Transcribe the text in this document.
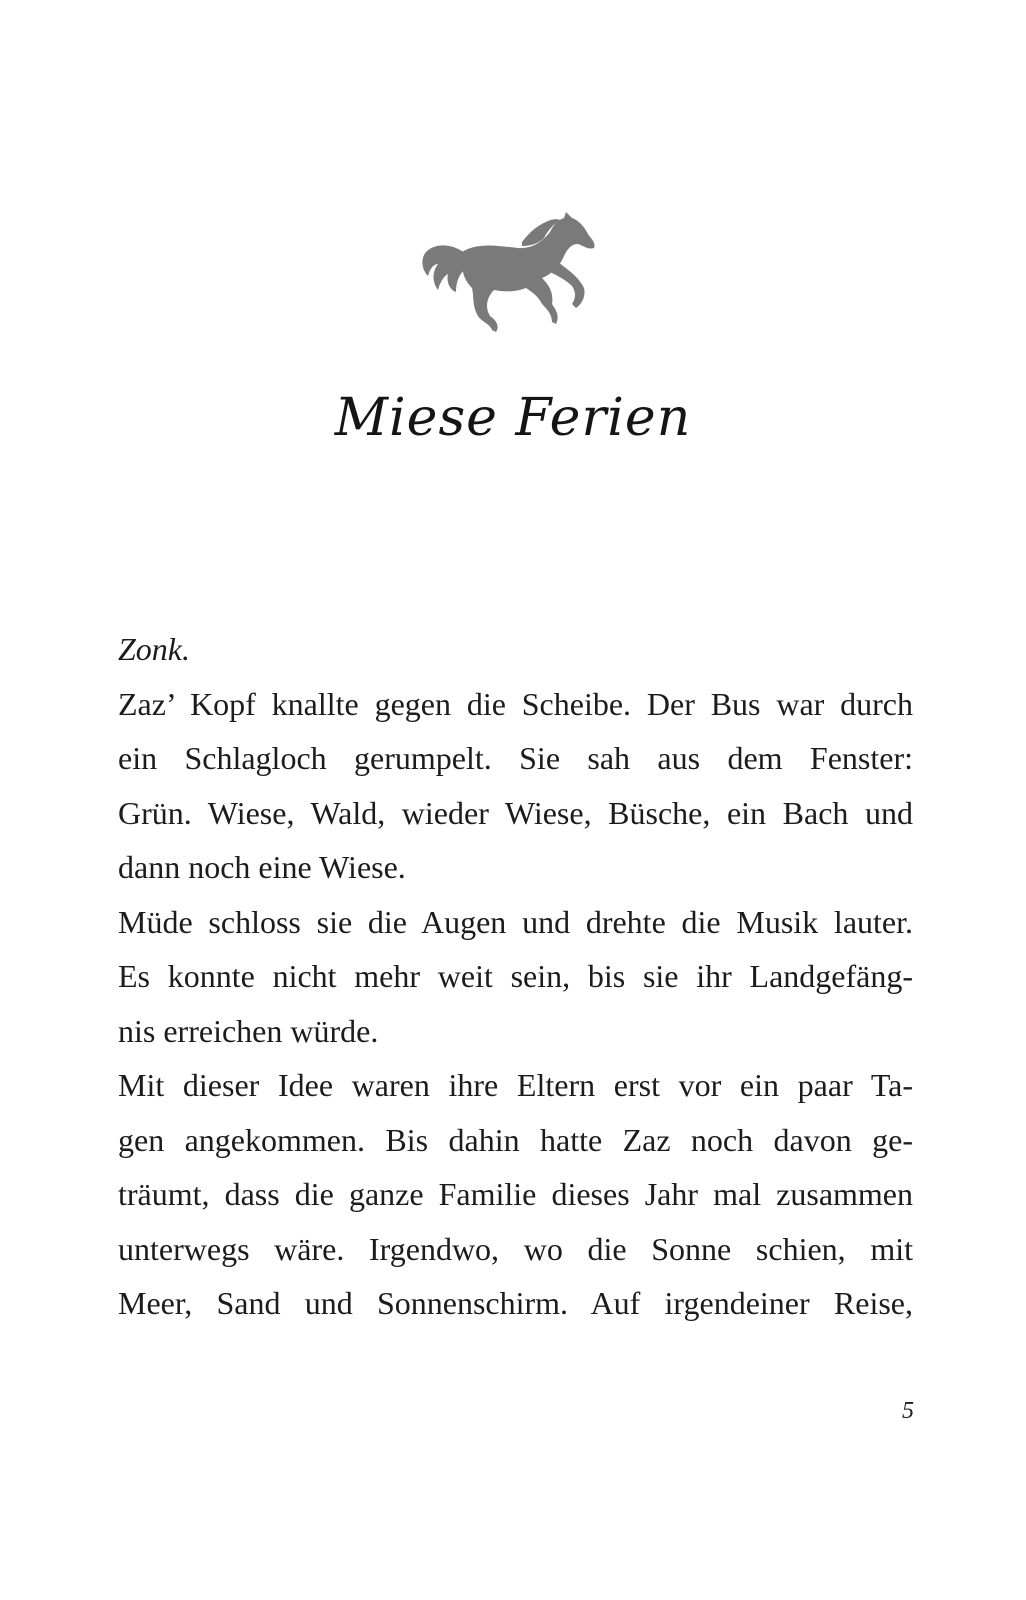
Miese Ferien
Zonk.
Zaz’ Kopf knallte gegen die Scheibe. Der Bus war durch
ein Schlagloch gerumpelt. Sie sah aus dem Fenster:
Grün. Wiese, Wald, wieder Wiese, Büsche, ein Bach und
dann noch eine Wiese.
Müde schloss sie die Augen und drehte die Musik lauter.
Es konnte nicht mehr weit sein, bis sie ihr Landgefäng-
nis erreichen würde.
Mit dieser Idee waren ihre Eltern erst vor ein paar Ta-
gen angekommen. Bis dahin hatte Zaz noch davon ge-
träumt, dass die ganze Familie dieses Jahr mal zusammen
unterwegs wäre. Irgendwo, wo die Sonne schien, mit
Meer, Sand und Sonnenschirm. Auf irgendeiner Reise,
5
